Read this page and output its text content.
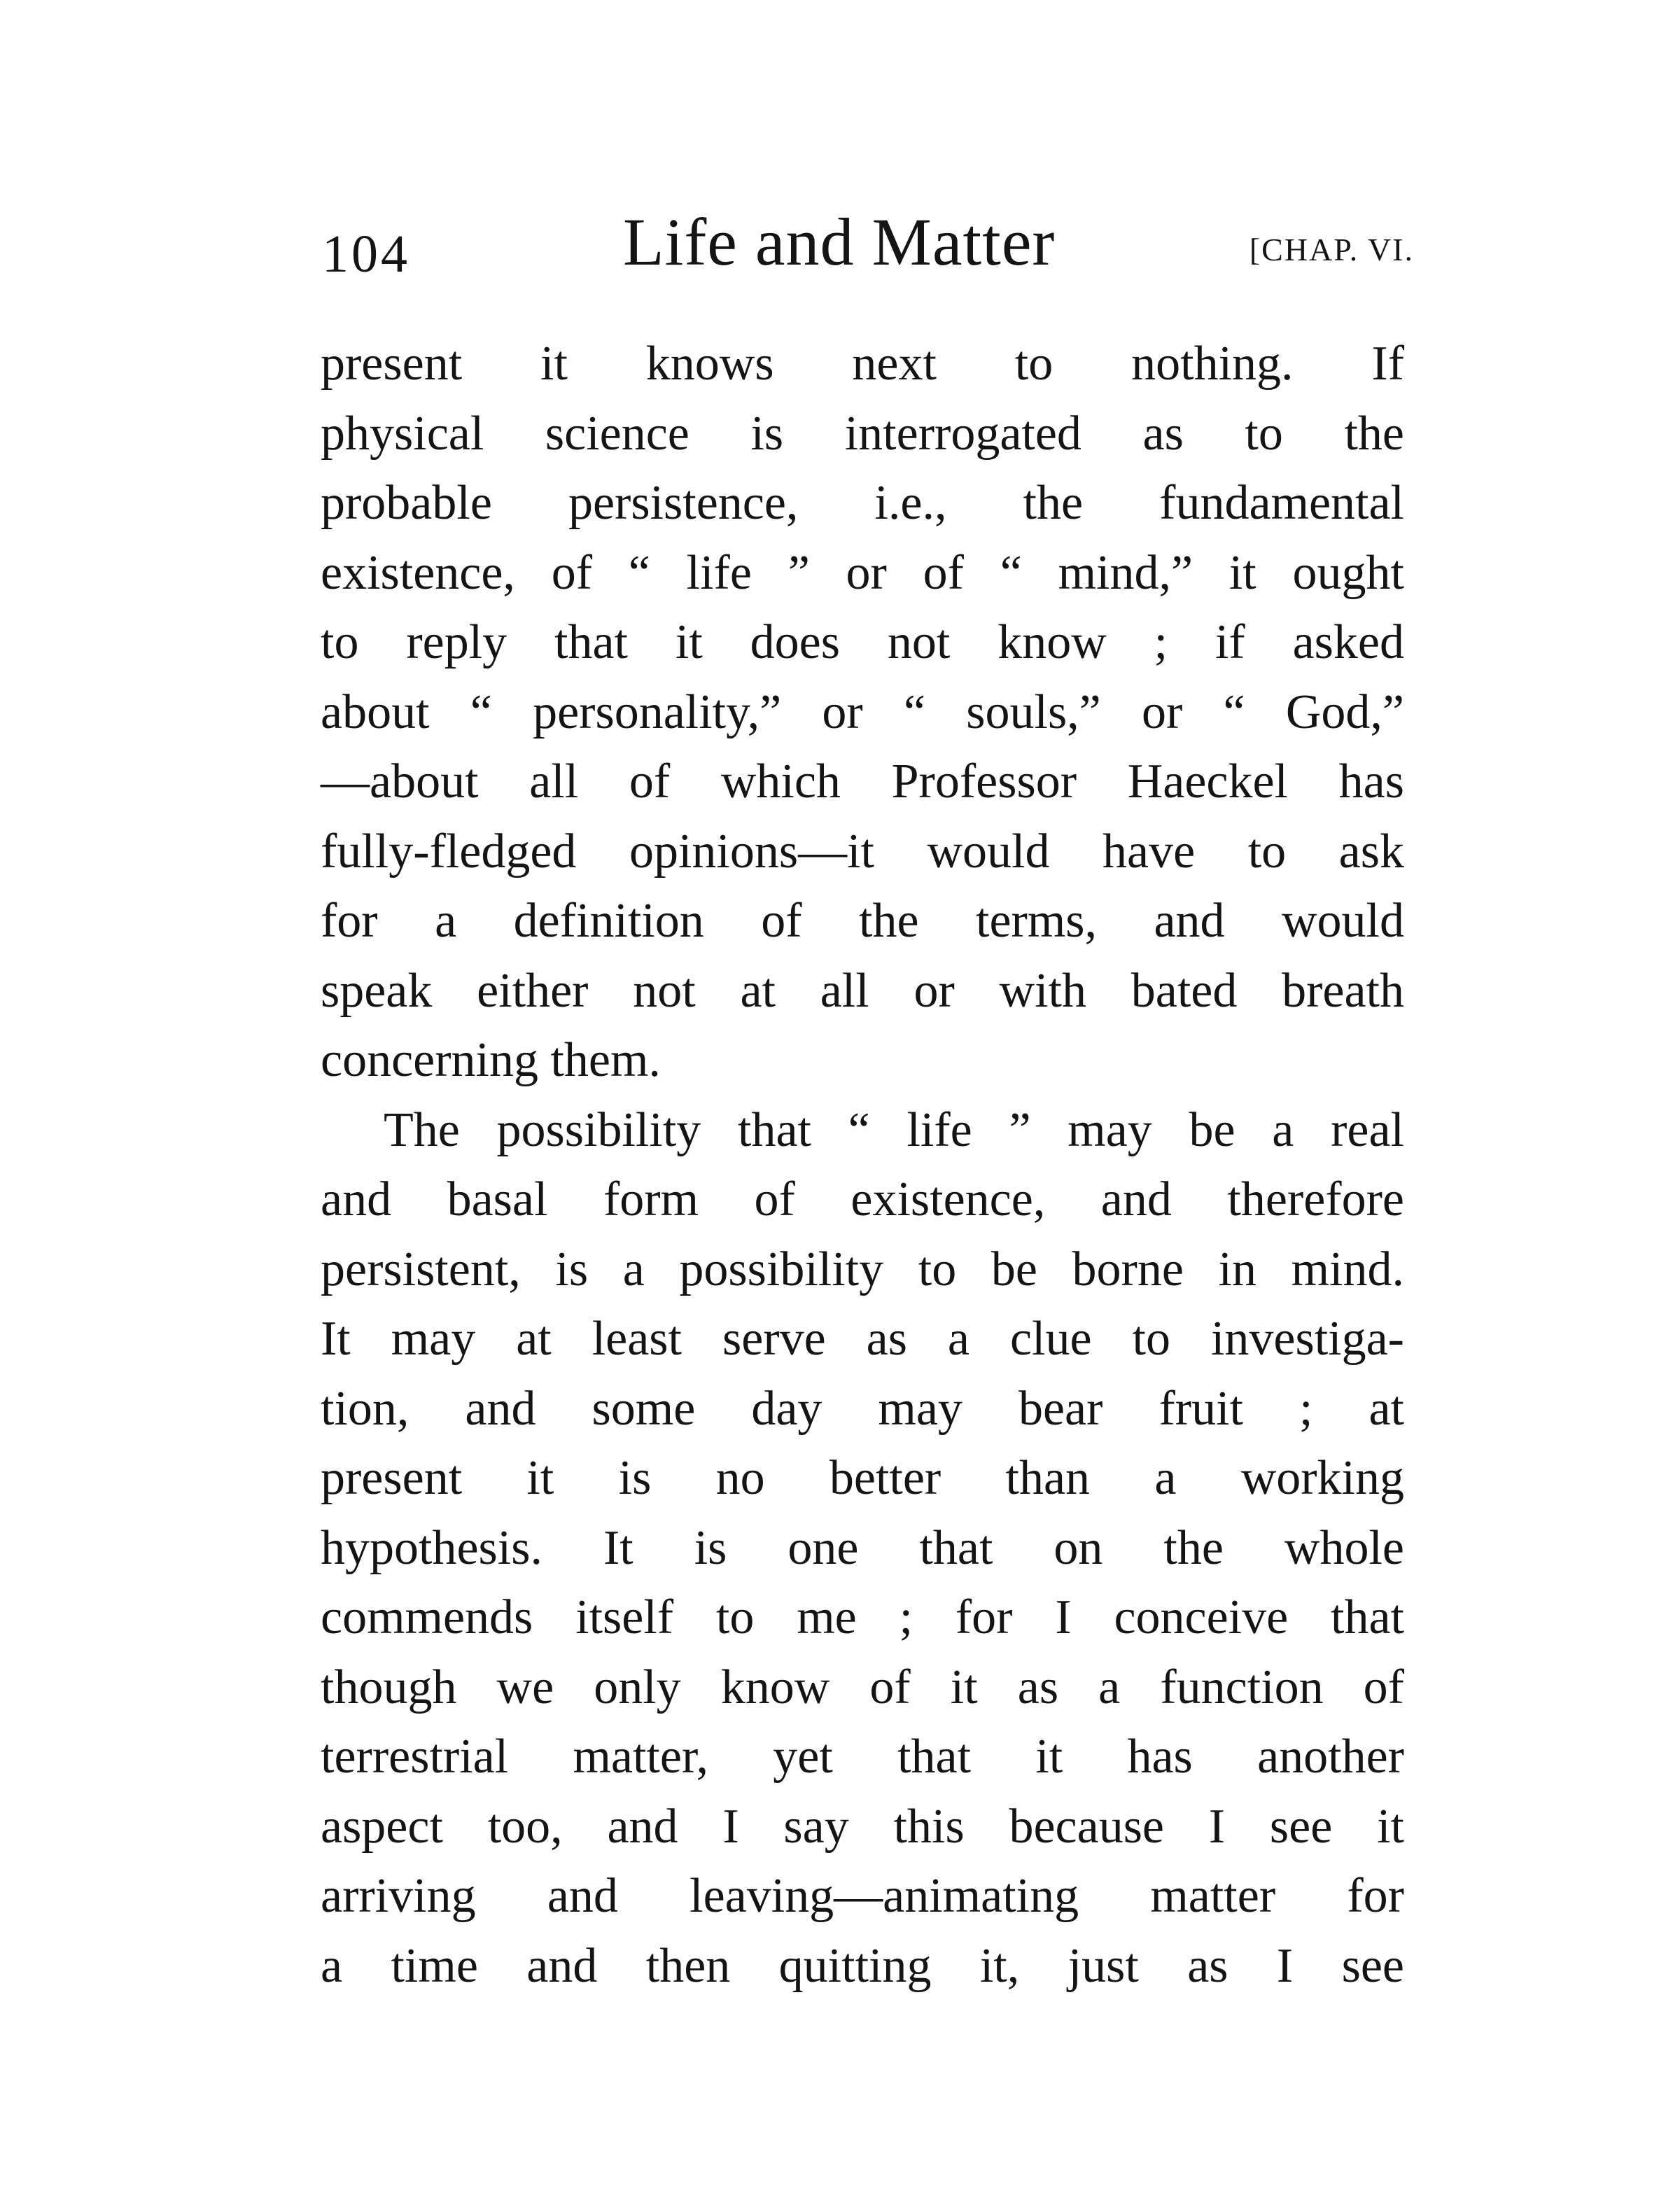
104	Life and Matter	[CHAP. VI.
present it knows next to nothing. If
physical science is interrogated as to the
probable persistence, i.e., the fundamental
existence, of “ life ” or of “ mind,” it ought
to reply that it does not know ; if asked
about “ personality,” or “ souls,” or “ God,”
—about all of which Professor Haeckel has
fully-fledged opinions—it would have to ask
for a definition of the terms, and would
speak either not at all or with bated breath
concerning them.
The possibility that “ life ” may be a real
and basal form of existence, and therefore
persistent, is a possibility to be borne in mind.
It may at least serve as a clue to investiga-
tion, and some day may bear fruit ; at
present it is no better than a working
hypothesis. It is one that on the whole
commends itself to me ; for I conceive that
though we only know of it as a function of
terrestrial matter, yet that it has another
aspect too, and I say this because I see it
arriving and leaving—animating matter for
a time and then quitting it, just as I see
